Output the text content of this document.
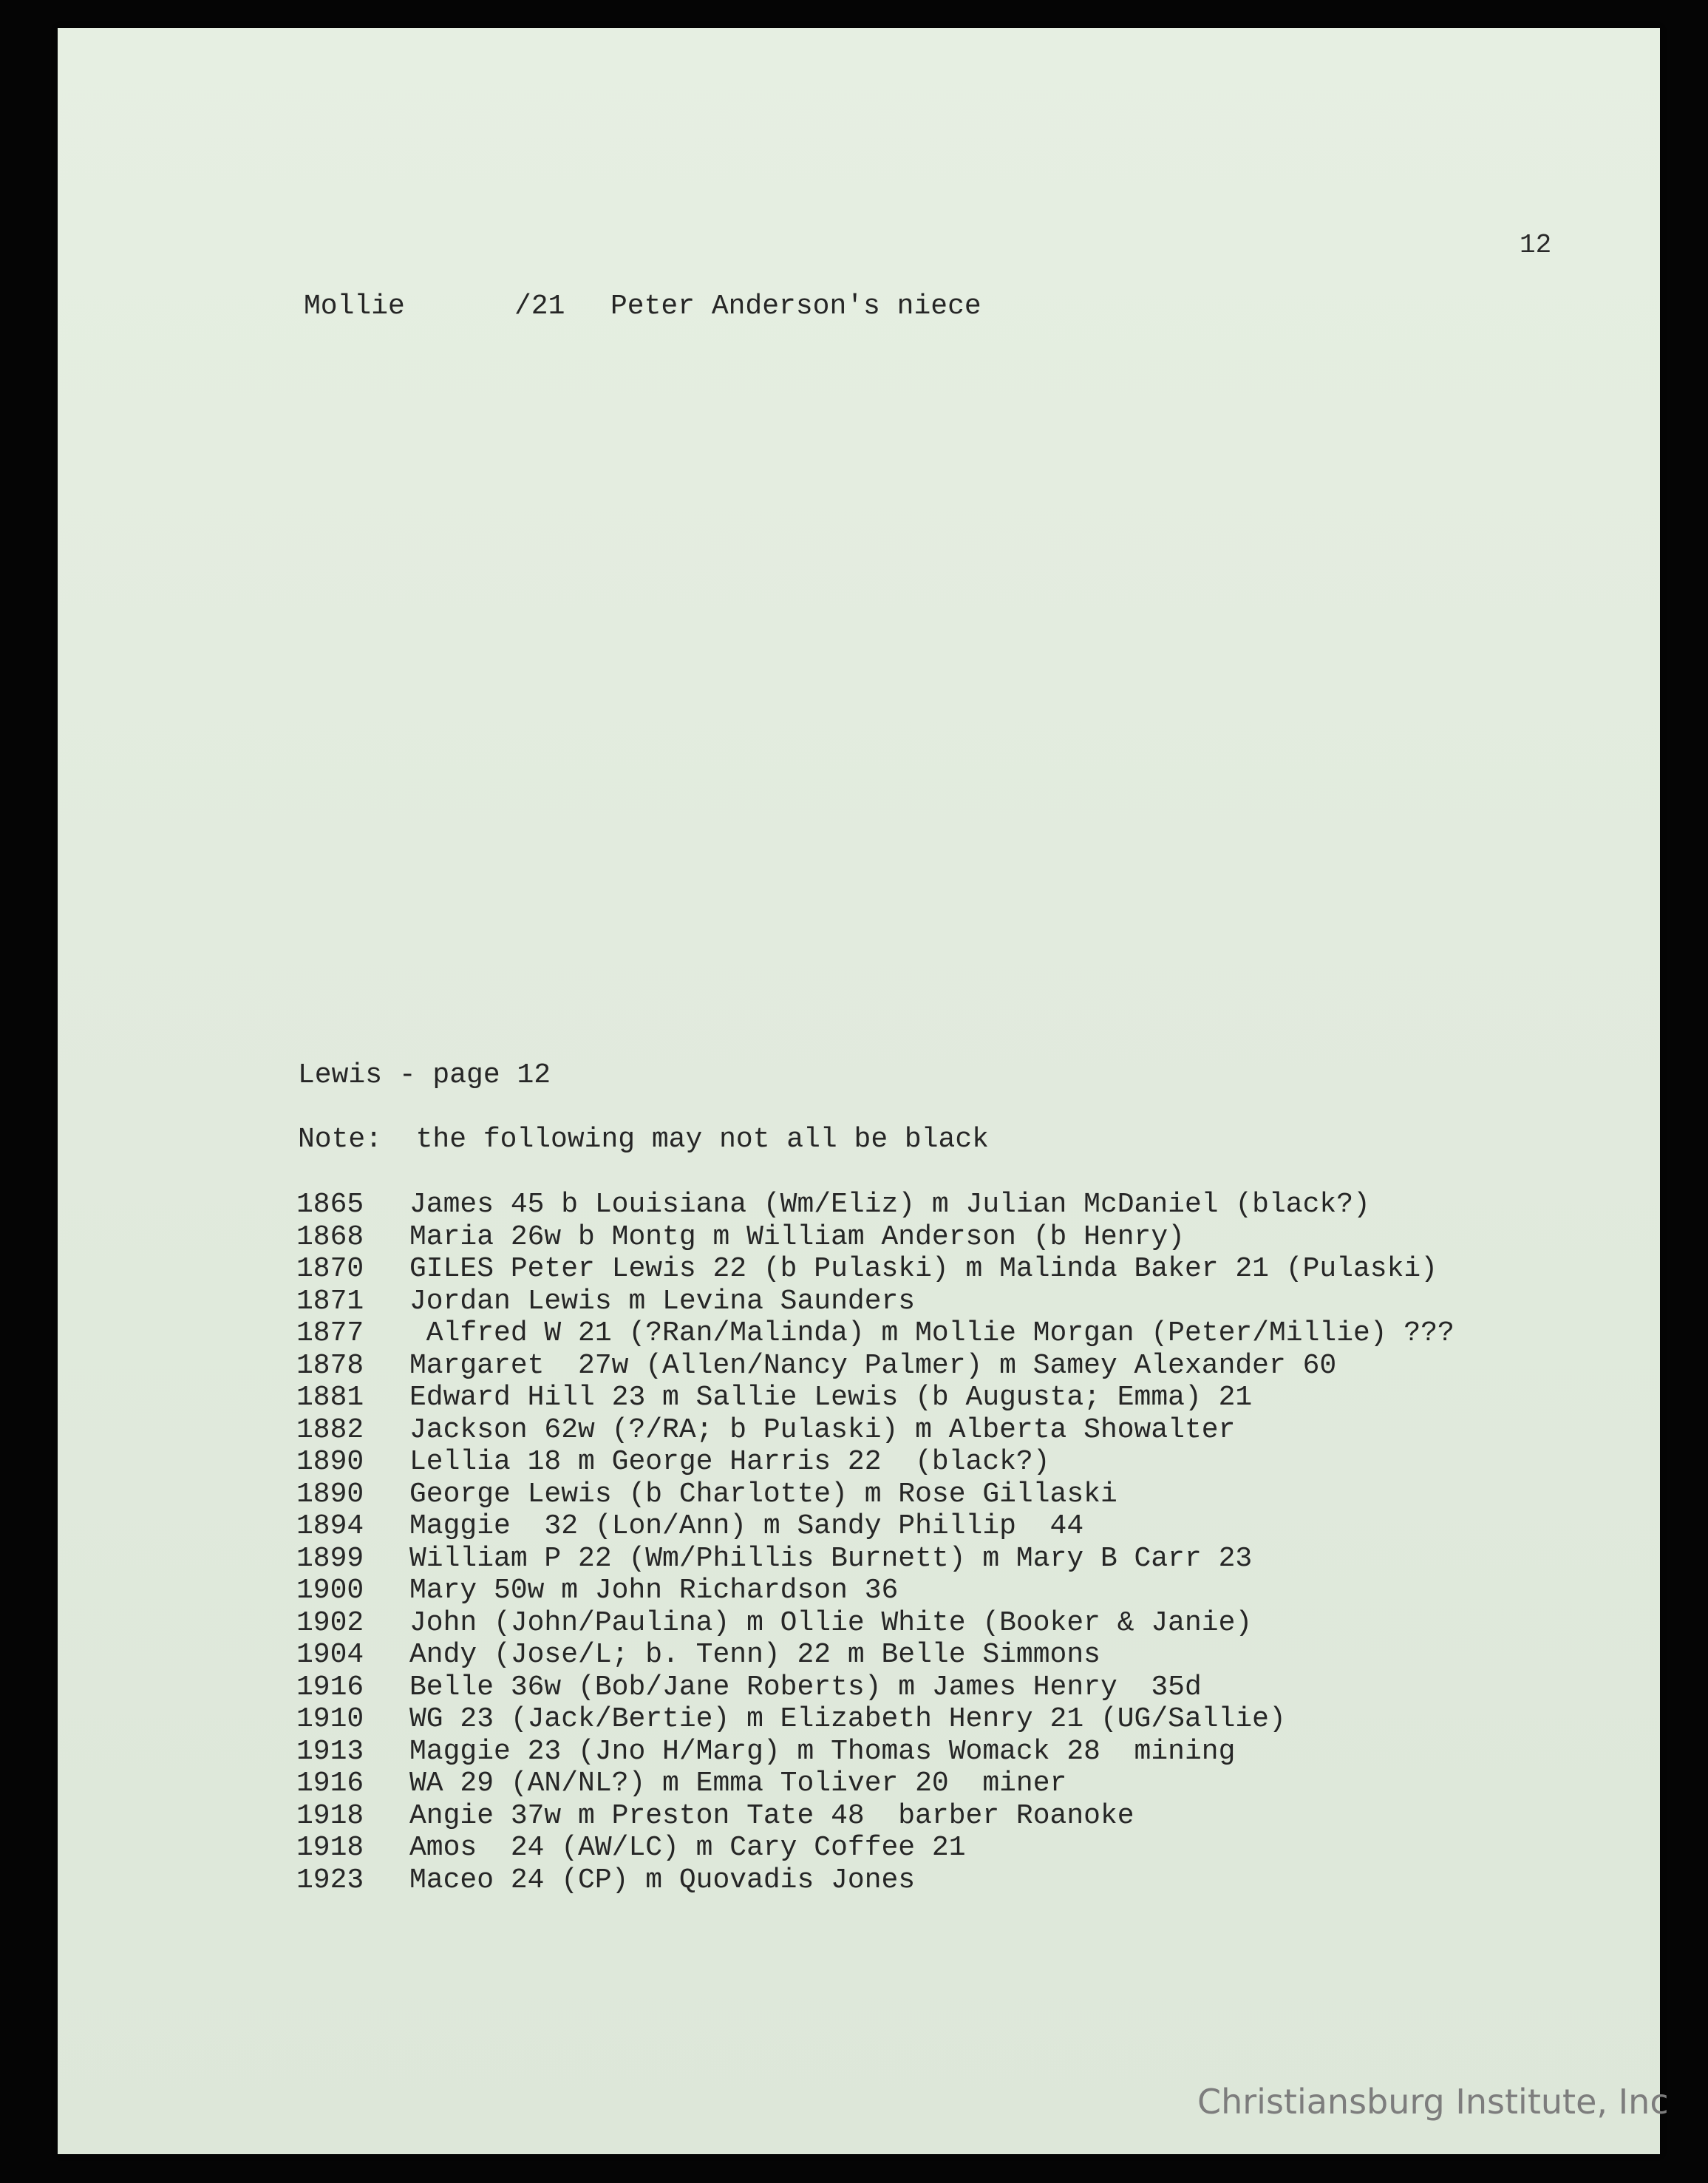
12
Mollie	/21 Peter Anderson's niece
Lewis - page 12
Note:  the following may not all be black
1865	James 45 b Louisiana (Wm/Eliz) m Julian McDaniel (black?)
1868	Maria 26w b Montg m William Anderson (b Henry)
1870 GILES Peter Lewis 22 (b Pulaski) m Malinda Baker 21 (Pulaski)
1871	Jordan Lewis m Levina Saunders
1877 Alfred W 21 (?Ran/Malinda) m Mollie Morgan (Peter/Millie) ???
1878	Margaret  27w (Allen/Nancy Palmer) m Samey Alexander 60
1881	Edward Hill 23 m Sallie Lewis (b Augusta; Emma) 21
1882	Jackson 62w (?/RA; b Pulaski) m Alberta Showalter
1890	Lellia 18 m George Harris 22  (black?)
1890	George Lewis (b Charlotte) m Rose Gillaski
1894	Maggie  32 (Lon/Ann) m Sandy Phillip  44
1899	William P 22 (Wm/Phillis Burnett) m Mary B Carr 23
1900	Mary 50w m John Richardson 36
1902	John (John/Paulina) m Ollie White (Booker & Janie)
1904	Andy (Jose/L; b. Tenn) 22 m Belle Simmons
1916	Belle 36w (Bob/Jane Roberts) m James Henry  35d
1910	WG 23 (Jack/Bertie) m Elizabeth Henry 21 (UG/Sallie)
1913	Maggie 23 (Jno H/Marg) m Thomas Womack 28  mining
1916	WA 29 (AN/NL?) m Emma Toliver 20  miner
1918	Angie 37w m Preston Tate 48  barber Roanoke
1918	Amos  24 (AW/LC) m Cary Coffee 21
1923	Maceo 24 (CP) m Quovadis Jones
Christiansburg Institute, Inc
